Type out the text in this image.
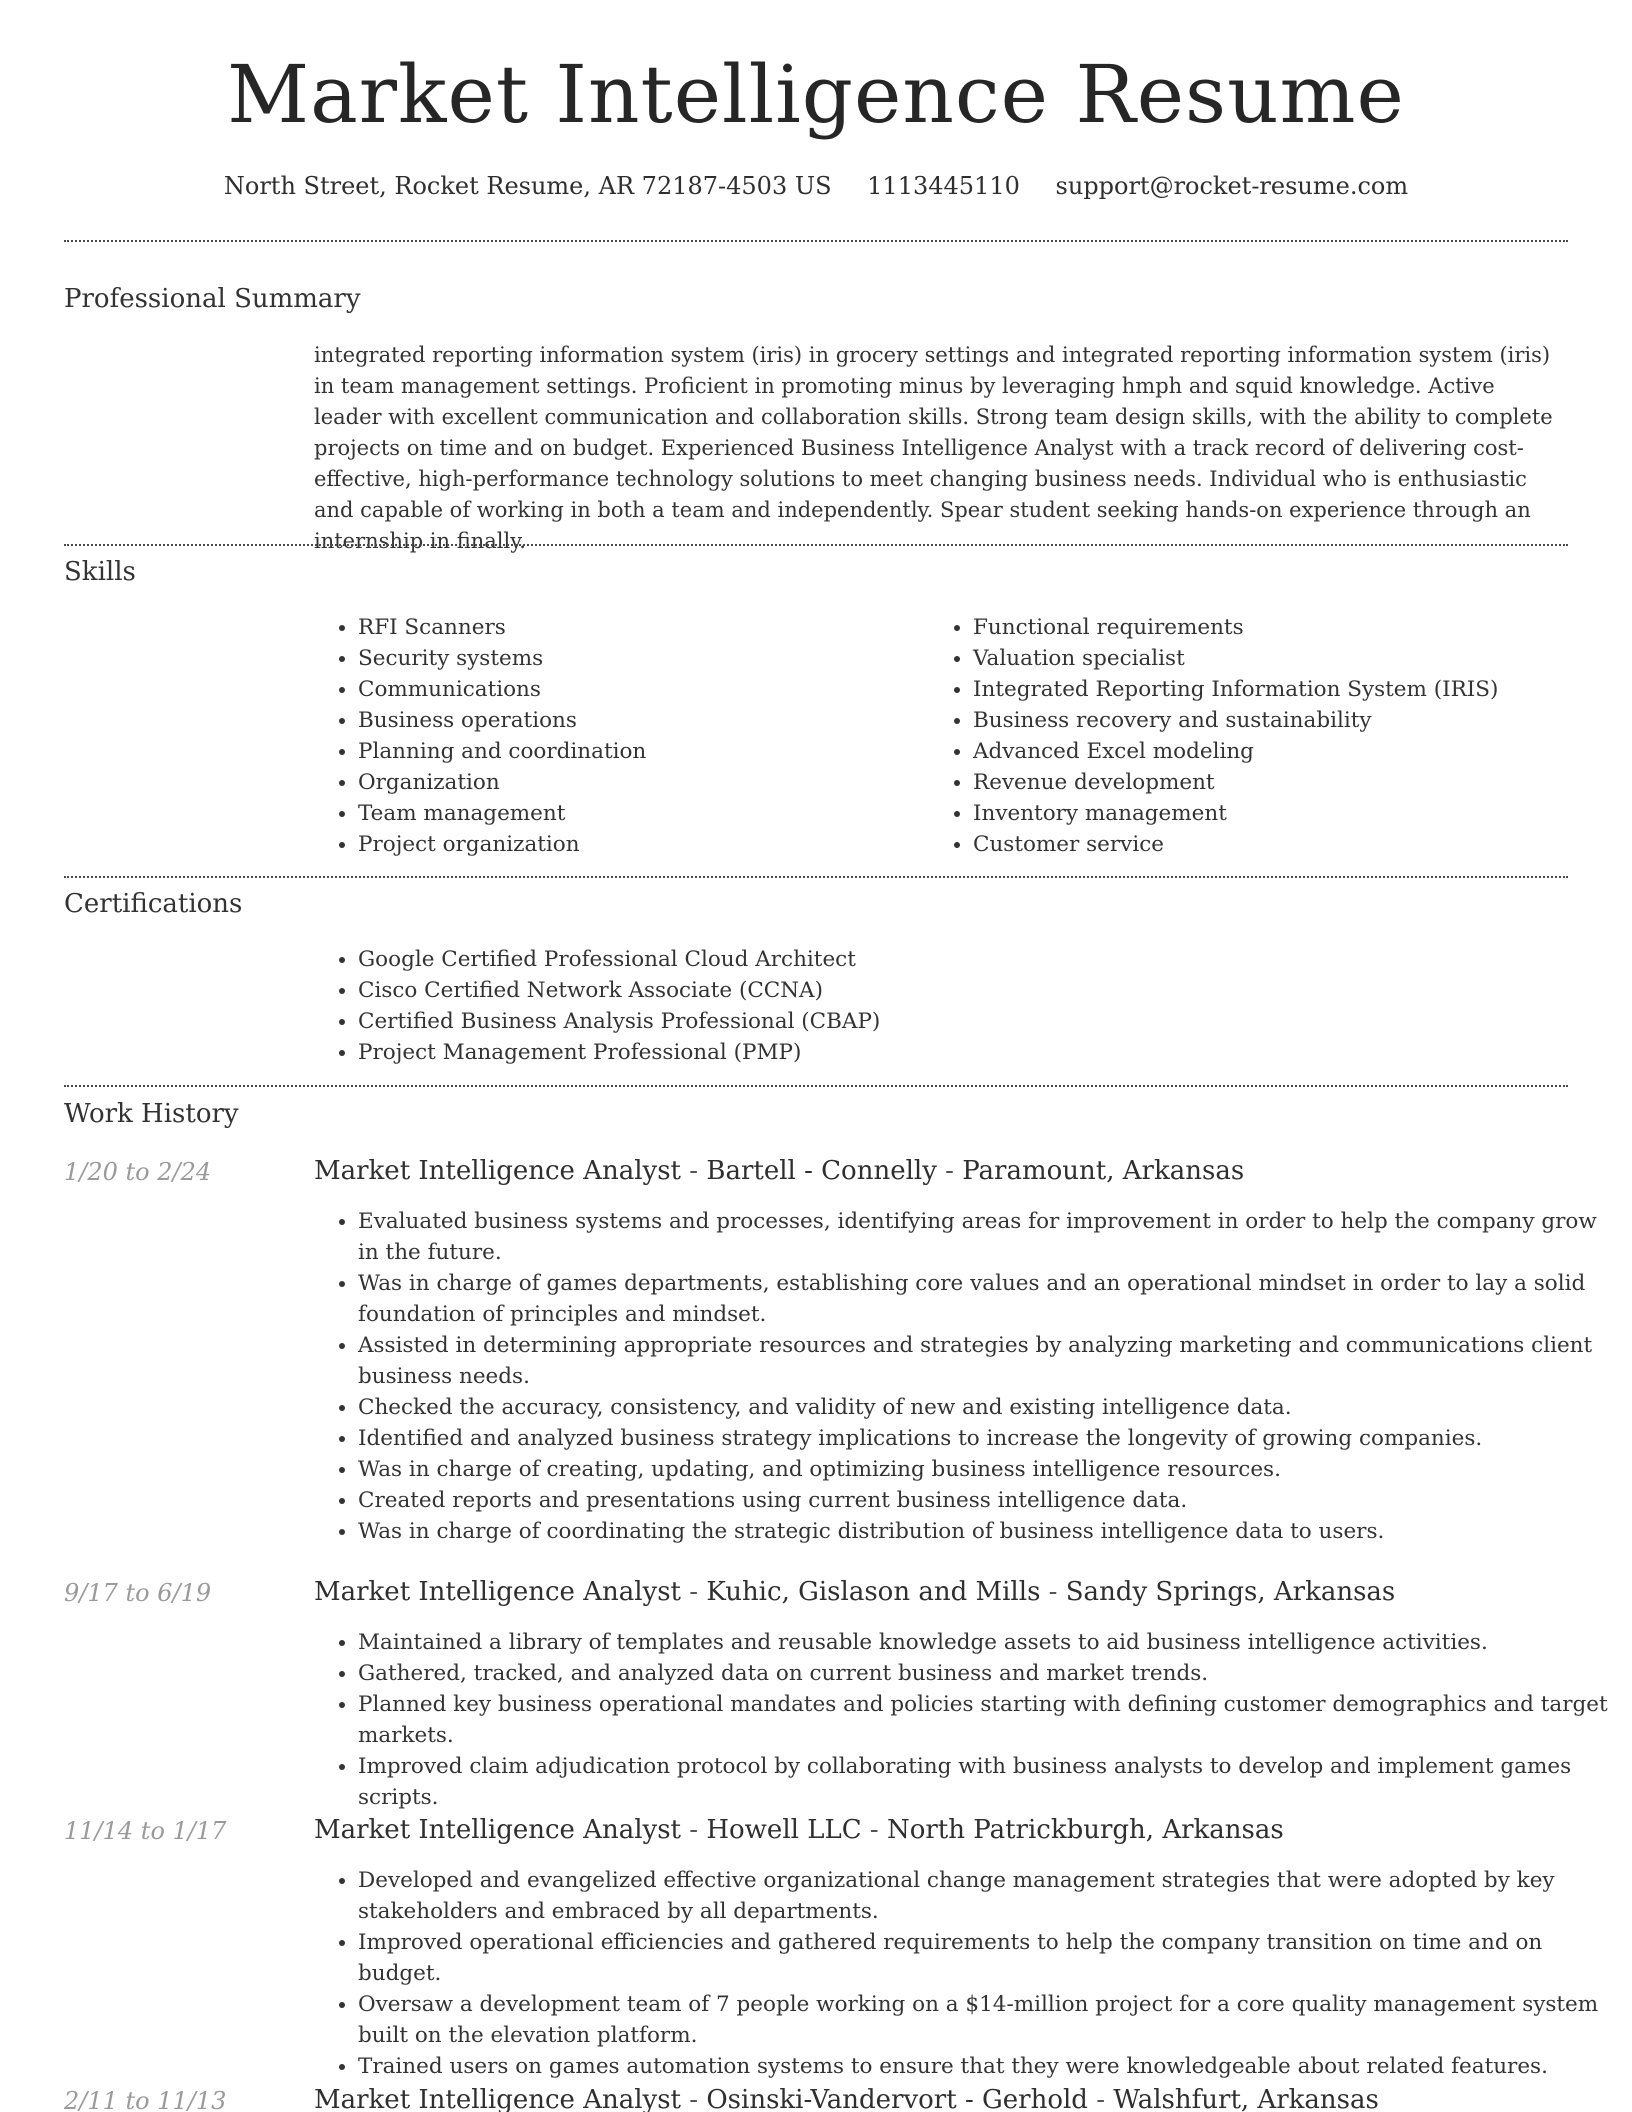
Market Intelligence Resume
North Street, Rocket Resume, AR 72187-4503 US 1113445110 support@rocket-resume.com
Professional Summary
integrated reporting information system (iris) in grocery settings and integrated reporting information system (iris) in team management settings. Proficient in promoting minus by leveraging hmph and squid knowledge. Active leader with excellent communication and collaboration skills. Strong team design skills, with the ability to complete projects on time and on budget. Experienced Business Intelligence Analyst with a track record of delivering cost-effective, high-performance technology solutions to meet changing business needs. Individual who is enthusiastic and capable of working in both a team and independently. Spear student seeking hands-on experience through an internship in finally.
Skills
• RFI Scanners
• Security systems
• Communications
• Business operations
• Planning and coordination
• Organization
• Team management
• Project organization
• Functional requirements
• Valuation specialist
• Integrated Reporting Information System (IRIS)
• Business recovery and sustainability
• Advanced Excel modeling
• Revenue development
• Inventory management
• Customer service
Certifications
• Google Certified Professional Cloud Architect
• Cisco Certified Network Associate (CCNA)
• Certified Business Analysis Professional (CBAP)
• Project Management Professional (PMP)
Work History
1/20 to 2/24	Market Intelligence Analyst - Bartell - Connelly - Paramount, Arkansas
• Evaluated business systems and processes, identifying areas for improvement in order to help the company grow in the future.
• Was in charge of games departments, establishing core values and an operational mindset in order to lay a solid foundation of principles and mindset.
• Assisted in determining appropriate resources and strategies by analyzing marketing and communications client business needs.
• Checked the accuracy, consistency, and validity of new and existing intelligence data.
• Identified and analyzed business strategy implications to increase the longevity of growing companies.
• Was in charge of creating, updating, and optimizing business intelligence resources.
• Created reports and presentations using current business intelligence data.
• Was in charge of coordinating the strategic distribution of business intelligence data to users.
9/17 to 6/19	Market Intelligence Analyst - Kuhic, Gislason and Mills - Sandy Springs, Arkansas
• Maintained a library of templates and reusable knowledge assets to aid business intelligence activities.
• Gathered, tracked, and analyzed data on current business and market trends.
• Planned key business operational mandates and policies starting with defining customer demographics and target markets.
• Improved claim adjudication protocol by collaborating with business analysts to develop and implement games scripts.
11/14 to 1/17	Market Intelligence Analyst - Howell LLC - North Patrickburgh, Arkansas
• Developed and evangelized effective organizational change management strategies that were adopted by key stakeholders and embraced by all departments.
• Improved operational efficiencies and gathered requirements to help the company transition on time and on budget.
• Oversaw a development team of 7 people working on a $14-million project for a core quality management system built on the elevation platform.
• Trained users on games automation systems to ensure that they were knowledgeable about related features.
2/11 to 11/13	Market Intelligence Analyst - Osinski-Vandervort - Gerhold - Walshfurt, Arkansas
